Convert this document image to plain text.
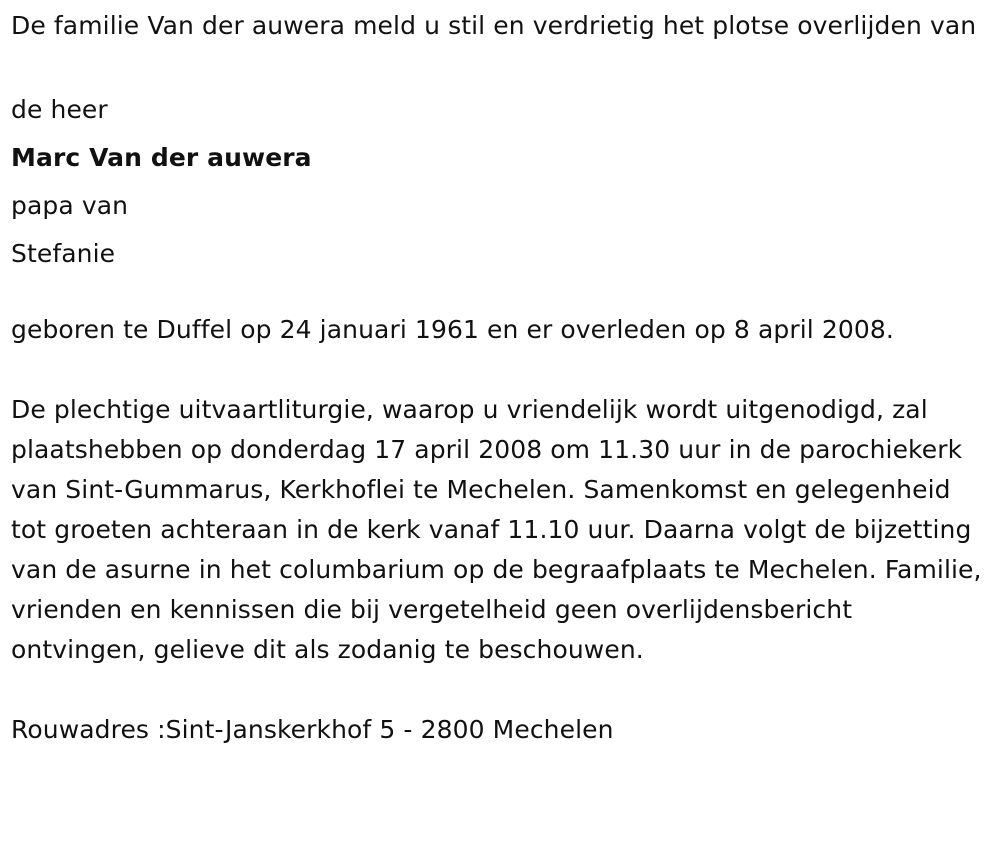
De familie Van der auwera meld u stil en verdrietig het plotse overlijden van

de heer

Marc Van der auwera

papa van

Stefanie

geboren te Duffel op 24 januari 1961 en er overleden op 8 april 2008.

De plechtige uitvaartliturgie, waarop u vriendelijk wordt uitgenodigd, zal plaatshebben op donderdag 17 april 2008 om 11.30 uur in de parochiekerk van Sint-Gummarus, Kerkhoflei te Mechelen. Samenkomst en gelegenheid tot groeten achteraan in de kerk vanaf 11.10 uur. Daarna volgt de bijzetting van de asurne in het columbarium op de begraafplaats te Mechelen. Familie, vrienden en kennissen die bij vergetelheid geen overlijdensbericht ontvingen, gelieve dit als zodanig te beschouwen.

Rouwadres :Sint-Janskerkhof 5 - 2800 Mechelen
